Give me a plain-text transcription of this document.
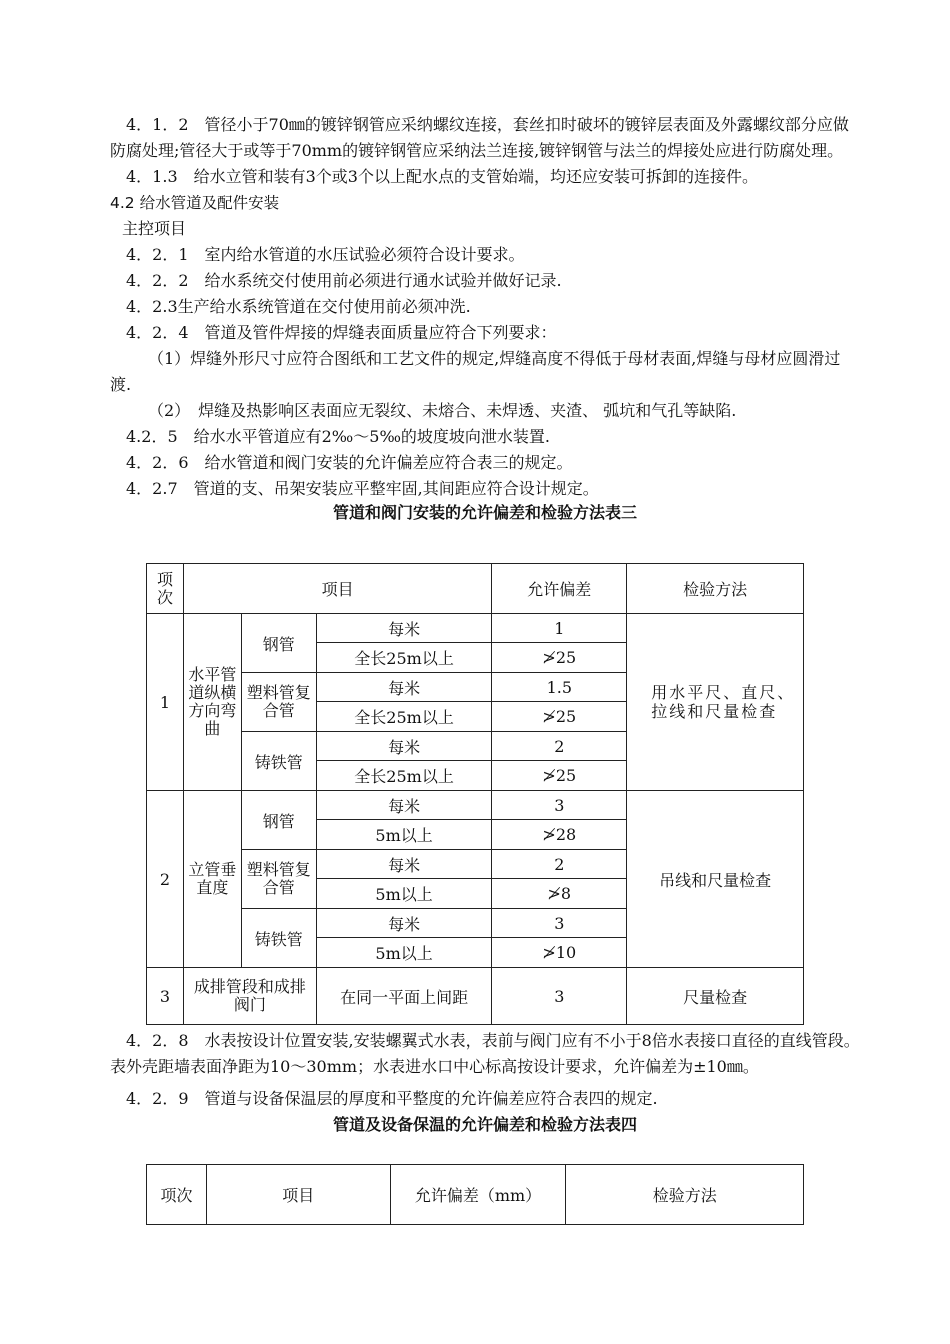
4．1．2　管径小于70㎜的镀锌钢管应采纳螺纹连接，套丝扣时破坏的镀锌层表面及外露螺纹部分应做防腐处理;管径大于或等于70mm的镀锌钢管应采纳法兰连接,镀锌钢管与法兰的焊接处应进行防腐处理。

4．1.3　给水立管和装有3个或3个以上配水点的支管始端，均还应安装可拆卸的连接件。

4.2 给水管道及配件安装

主控项目

4．2．1　室内给水管道的水压试验必须符合设计要求。

4．2．2　给水系统交付使用前必须进行通水试验并做好记录.

4．2.3生产给水系统管道在交付使用前必须冲洗.

4．2．4　管道及管件焊接的焊缝表面质量应符合下列要求：

（1）焊缝外形尺寸应符合图纸和工艺文件的规定,焊缝高度不得低于母材表面,焊缝与母材应圆滑过渡.

（2）　焊缝及热影响区表面应无裂纹、未熔合、未焊透、夹渣、 弧坑和气孔等缺陷.

4.2．5　给水水平管道应有2‰～5‰的坡度坡向泄水装置.

4．2．6　给水管道和阀门安装的允许偏差应符合表三的规定。

4．2.7　管道的支、吊架安装应平整牢固,其间距应符合设计规定。

管道和阀门安装的允许偏差和检验方法表三

项次	项目			允许偏差	检验方法
1	水平管道纵横方向弯曲	钢管	每米	1	用水平尺、直尺、拉线和尺量检查
			全长25m以上	≯25	
		塑料管复合管	每米	1.5	
			全长25m以上	≯25	
		铸铁管	每米	2	
			全长25m以上	≯25	
2	立管垂直度	钢管	每米	3	吊线和尺量检查
			5m以上	≯28	
		塑料管复合管	每米	2	
			5m以上	≯8	
		铸铁管	每米	3	
			5m以上	≯10	
3	成排管段和成排阀门		在同一平面上间距	3	尺量检查

4．2．8　水表按设计位置安装,安装螺翼式水表，表前与阀门应有不小于8倍水表接口直径的直线管段。表外壳距墙表面净距为10～30mm；水表进水口中心标高按设计要求，允许偏差为±10㎜。

4．2．9　管道与设备保温层的厚度和平整度的允许偏差应符合表四的规定.

管道及设备保温的允许偏差和检验方法表四

项次	项目	允许偏差（mm）	检验方法
